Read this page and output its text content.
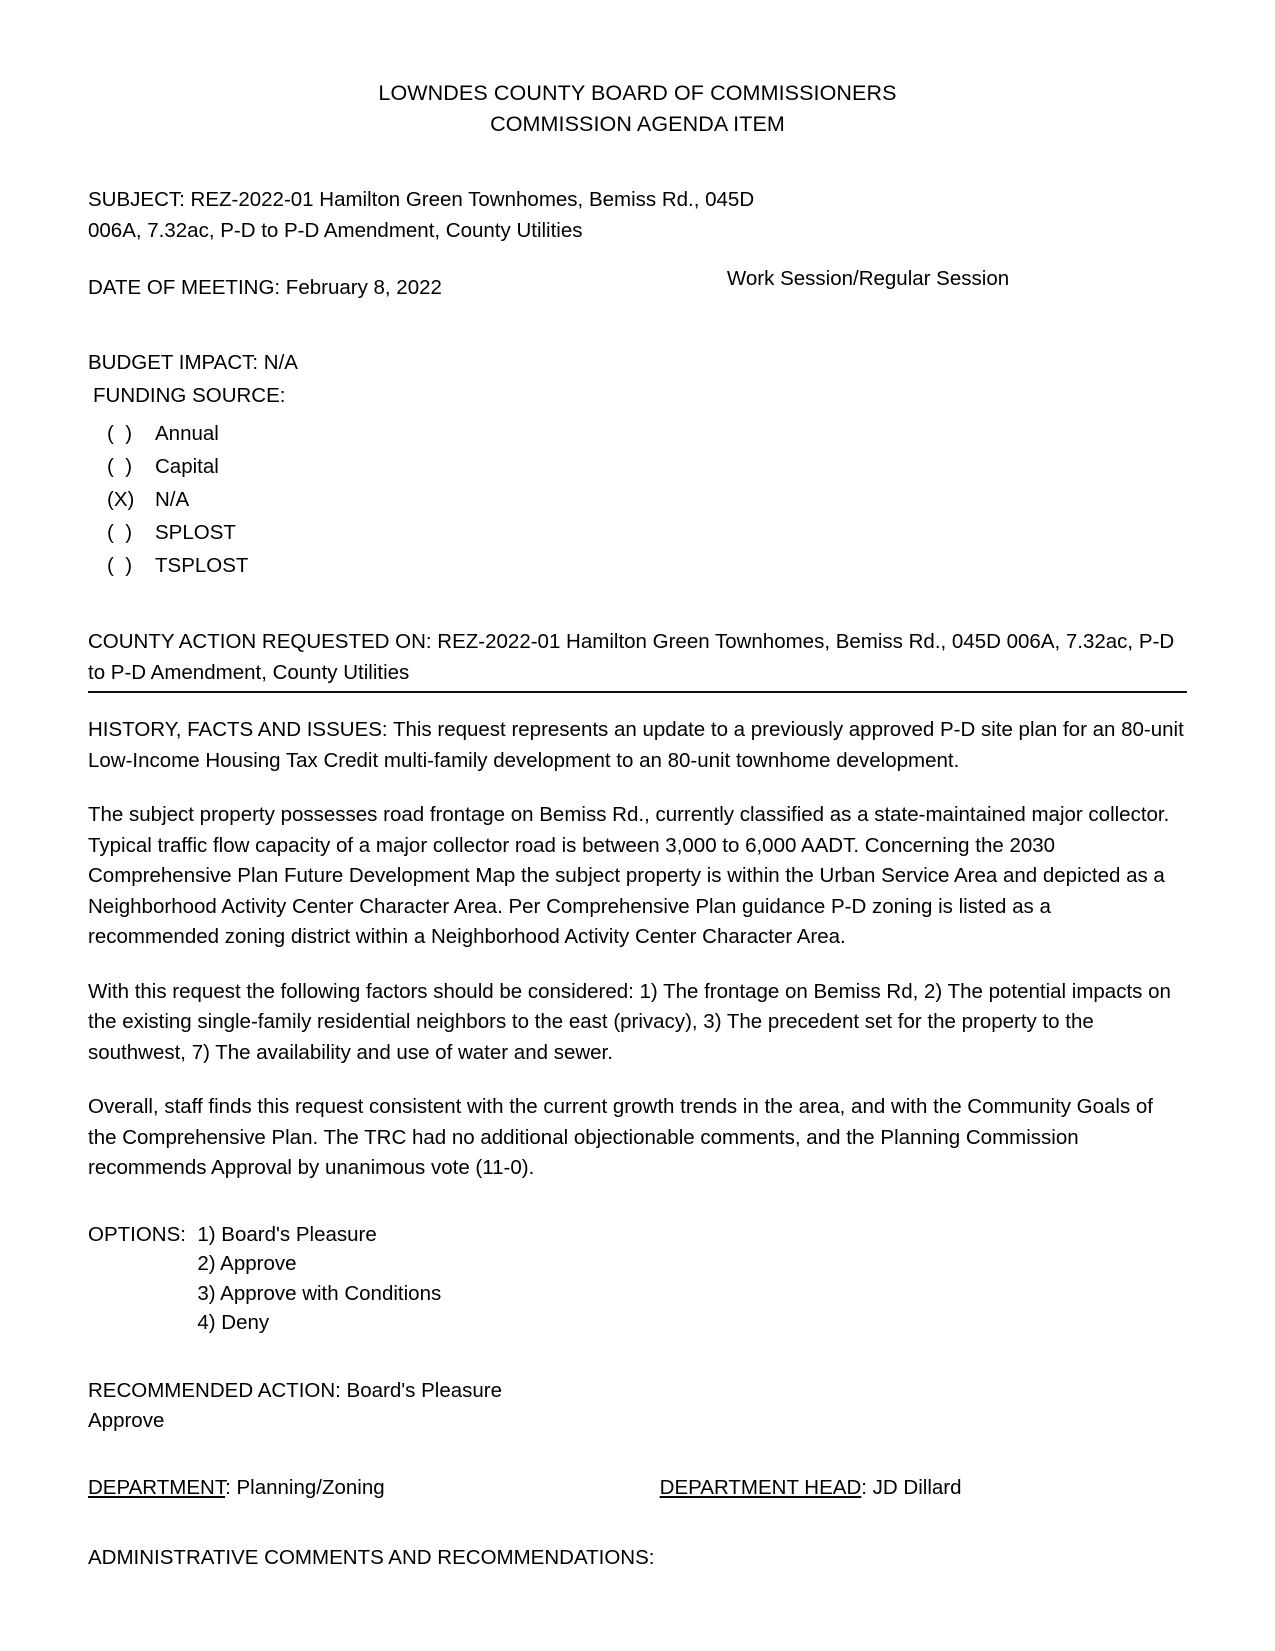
LOWNDES COUNTY BOARD OF COMMISSIONERS
COMMISSION AGENDA ITEM
SUBJECT: REZ-2022-01 Hamilton Green Townhomes, Bemiss Rd., 045D
006A, 7.32ac, P-D to P-D Amendment, County Utilities
DATE OF MEETING: February 8, 2022	Work Session/Regular Session
BUDGET IMPACT: N/A
FUNDING SOURCE:
(  )	Annual
(  )	Capital
(X)	N/A
(  )	SPLOST
(  )	TSPLOST
COUNTY ACTION REQUESTED ON: REZ-2022-01 Hamilton Green Townhomes, Bemiss Rd., 045D 006A, 7.32ac, P-D to P-D Amendment, County Utilities
HISTORY, FACTS AND ISSUES: This request represents an update to a previously approved P-D site plan for an 80-unit Low-Income Housing Tax Credit multi-family development to an 80-unit townhome development.
The subject property possesses road frontage on Bemiss Rd., currently classified as a state-maintained major collector. Typical traffic flow capacity of a major collector road is between 3,000 to 6,000 AADT. Concerning the 2030 Comprehensive Plan Future Development Map the subject property is within the Urban Service Area and depicted as a Neighborhood Activity Center Character Area. Per Comprehensive Plan guidance P-D zoning is listed as a recommended zoning district within a Neighborhood Activity Center Character Area.
With this request the following factors should be considered: 1) The frontage on Bemiss Rd, 2) The potential impacts on the existing single-family residential neighbors to the east (privacy), 3) The precedent set for the property to the southwest, 7) The availability and use of water and sewer.
Overall, staff finds this request consistent with the current growth trends in the area, and with the Community Goals of the Comprehensive Plan. The TRC had no additional objectionable comments, and the Planning Commission recommends Approval by unanimous vote (11-0).
OPTIONS: 1) Board's Pleasure
2) Approve
3) Approve with Conditions
4) Deny
RECOMMENDED ACTION: Board's Pleasure
Approve
DEPARTMENT: Planning/Zoning	DEPARTMENT HEAD: JD Dillard
ADMINISTRATIVE COMMENTS AND RECOMMENDATIONS:
